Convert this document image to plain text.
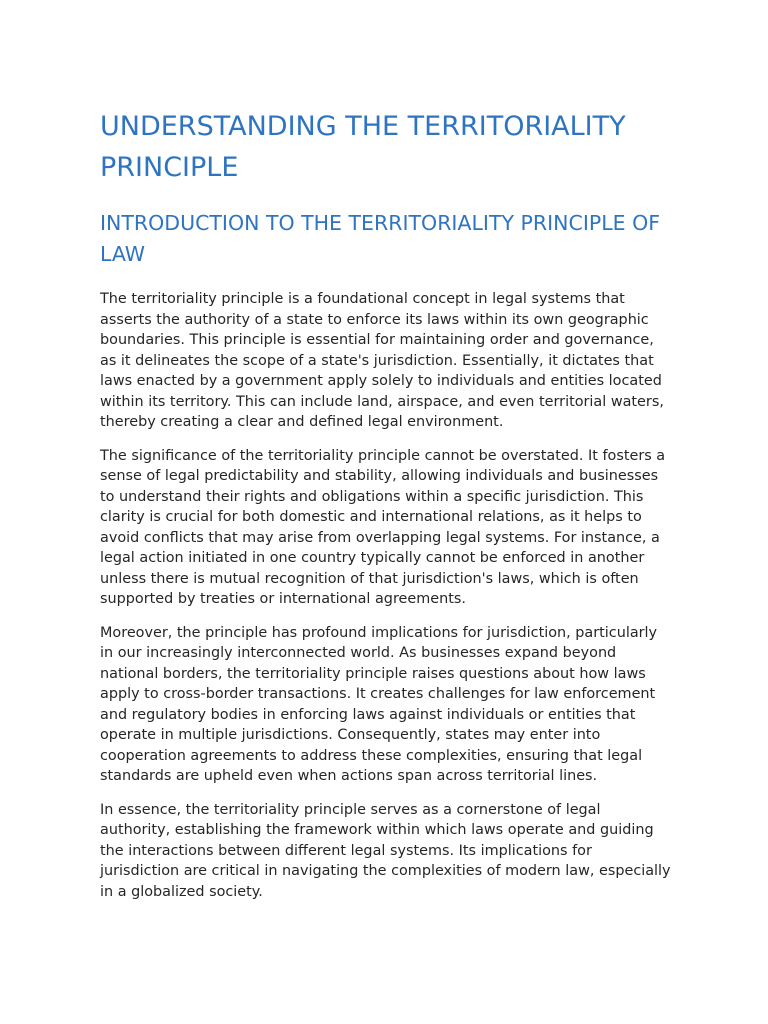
UNDERSTANDING THE TERRITORIALITY PRINCIPLE
INTRODUCTION TO THE TERRITORIALITY PRINCIPLE OF LAW

The territoriality principle is a foundational concept in legal systems that asserts the authority of a state to enforce its laws within its own geographic boundaries. This principle is essential for maintaining order and governance, as it delineates the scope of a state's jurisdiction. Essentially, it dictates that laws enacted by a government apply solely to individuals and entities located within its territory. This can include land, airspace, and even territorial waters, thereby creating a clear and defined legal environment.

The significance of the territoriality principle cannot be overstated. It fosters a sense of legal predictability and stability, allowing individuals and businesses to understand their rights and obligations within a specific jurisdiction. This clarity is crucial for both domestic and international relations, as it helps to avoid conflicts that may arise from overlapping legal systems. For instance, a legal action initiated in one country typically cannot be enforced in another unless there is mutual recognition of that jurisdiction's laws, which is often supported by treaties or international agreements.

Moreover, the principle has profound implications for jurisdiction, particularly in our increasingly interconnected world. As businesses expand beyond national borders, the territoriality principle raises questions about how laws apply to cross-border transactions. It creates challenges for law enforcement and regulatory bodies in enforcing laws against individuals or entities that operate in multiple jurisdictions. Consequently, states may enter into cooperation agreements to address these complexities, ensuring that legal standards are upheld even when actions span across territorial lines.

In essence, the territoriality principle serves as a cornerstone of legal authority, establishing the framework within which laws operate and guiding the interactions between different legal systems. Its implications for jurisdiction are critical in navigating the complexities of modern law, especially in a globalized society.
